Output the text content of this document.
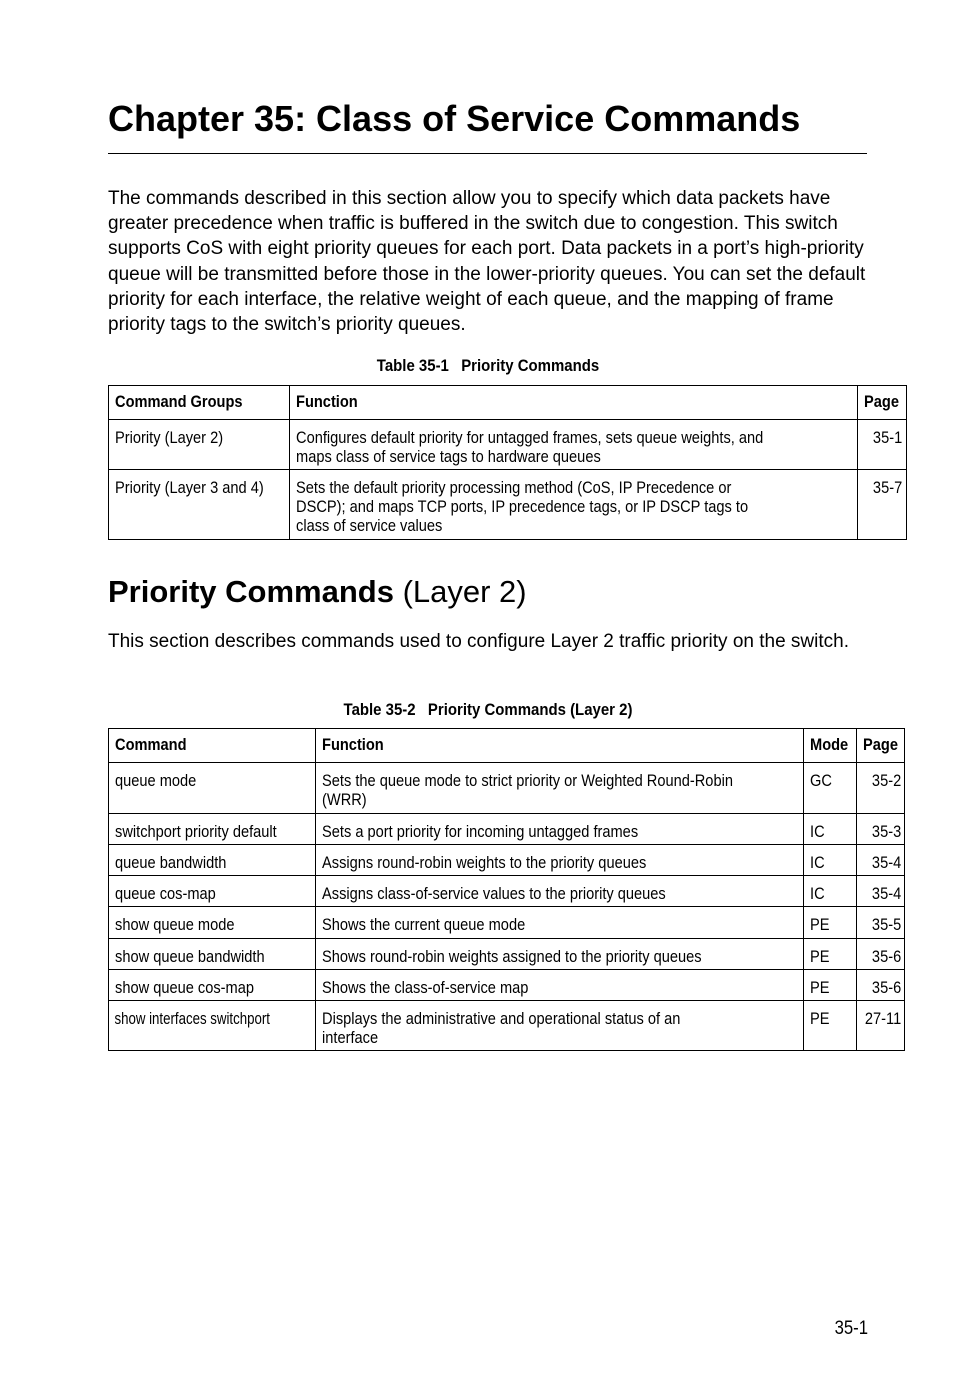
Chapter 35: Class of Service Commands

The commands described in this section allow you to specify which data packets have greater precedence when traffic is buffered in the switch due to congestion. This switch supports CoS with eight priority queues for each port. Data packets in a port’s high-priority queue will be transmitted before those in the lower-priority queues. You can set the default priority for each interface, the relative weight of each queue, and the mapping of frame priority tags to the switch’s priority queues.

Table 35-1 Priority Commands
Command Groups	Function	Page

Priority (Layer 2)	Configures default priority for untagged frames, sets queue weights, and maps class of service tags to hardware queues	35-1

Priority (Layer 3 and 4)	Sets the default priority processing method (CoS, IP Precedence or DSCP); and maps TCP ports, IP precedence tags, or IP DSCP tags to class of service values	35-7
Priority Commands (Layer 2)

This section describes commands used to configure Layer 2 traffic priority on the switch.

Table 35-2 Priority Commands (Layer 2)
Command	Function	Mode	Page

queue mode	Sets the queue mode to strict priority or Weighted Round-Robin (WRR)	GC	35-2

switchport priority default	Sets a port priority for incoming untagged frames	IC	35-3

queue bandwidth	Assigns round-robin weights to the priority queues	IC	35-4

queue cos-map	Assigns class-of-service values to the priority queues	IC	35-4

show queue mode	Shows the current queue mode	PE	35-5

show queue bandwidth	Shows round-robin weights assigned to the priority queues	PE	35-6

show queue cos-map	Shows the class-of-service map	PE	35-6

show interfaces switchport	Displays the administrative and operational status of an interface	PE	27-11
35-1
